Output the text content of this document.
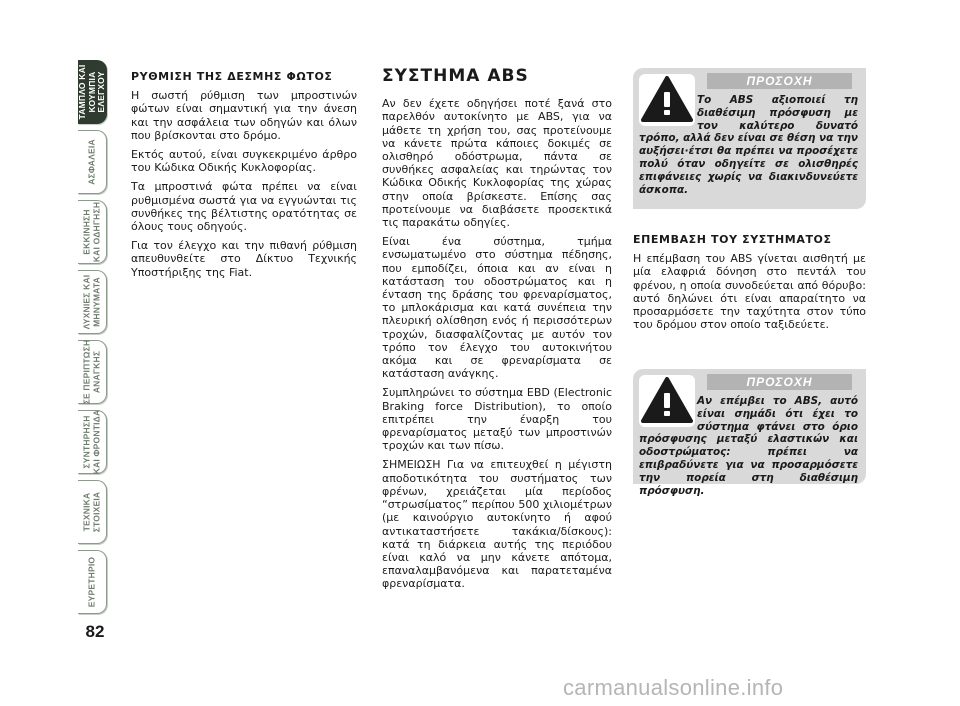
ΤΑΜΠΛΟ ΚΑΙ
ΚΟΥΜΠΙΑ
ΕΛΕΓΧΟΥ
ΑΣΦΑΛΕΙΑ
ΕΚΚΙΝΗΣΗ
ΚΑΙ ΟΔΗΓΗΣΗ
ΛΥΧΝΙΕΣ ΚΑΙ
ΜΗΝΥΜΑΤΑ
ΣΕ ΠΕΡΙΠΤΩΣΗ
ΑΝΑΓΚΗΣ
ΣΥΝΤΗΡΗΣΗ
ΚΑΙ ΦΡΟΝΤΙΔΑ
ΤΕΧΝΙΚΑ
ΣΤΟΙΧΕΙΑ
ΕΥΡΕΤΗΡΙΟ
82
ΡΥΘΜΙΣΗ ΤΗΣ ΔΕΣΜΗΣ ΦΩΤΟΣ

Η σωστή ρύθμιση των μπροστινών φώτων είναι σημαντική για την άνεση και την ασφάλεια των οδηγών και όλων που βρίσκονται στο δρόμο.

Εκτός αυτού, είναι συγκεκριμένο άρθρο του Κώδικα Οδικής Κυκλοφορίας.

Τα μπροστινά φώτα πρέπει να είναι ρυθμισμένα σωστά για να εγγυώνται τις συνθήκες της βέλτιστης ορατότητας σε όλους τους οδηγούς.

Για τον έλεγχο και την πιθανή ρύθμιση απευθυνθείτε στο Δίκτυο Τεχνικής Υποστήριξης της Fiat.

ΣΥΣΤΗΜΑ ABS

Αν δεν έχετε οδηγήσει ποτέ ξανά στο παρελθόν αυτοκίνητο με ABS, για να μάθετε τη χρήση του, σας προτείνουμε να κάνετε πρώτα κάποιες δοκιμές σε ολισθηρό οδόστρωμα, πάντα σε συνθήκες ασφαλείας και τηρώντας τον Κώδικα Οδικής Κυκλοφορίας της χώρας στην οποία βρίσκεστε. Επίσης σας προτείνουμε να διαβάσετε προσεκτικά τις παρακάτω οδηγίες.

Είναι ένα σύστημα, τμήμα ενσωματωμένο στο σύστημα πέδησης, που εμποδίζει, όποια και αν είναι η κατάσταση του οδοστρώματος και η ένταση της δράσης του φρεναρίσματος, το μπλοκάρισμα και κατά συνέπεια την πλευρική ολίσθηση ενός ή περισσότερων τροχών, διασφαλίζοντας με αυτόν τον τρόπο τον έλεγχο του αυτοκινήτου ακόμα και σε φρεναρίσματα σε κατάσταση ανάγκης.

Συμπληρώνει το σύστημα EBD (Electronic Braking force Distribution), το οποίο επιτρέπει την έναρξη του φρεναρίσματος μεταξύ των μπροστινών τροχών και των πίσω.

ΣΗΜΕΙΩΣΗ Για να επιτευχθεί η μέγιστη αποδοτικότητα του συστήματος των φρένων, χρειάζεται μία περίοδος “στρωσίματος” περίπου 500 χιλιομέτρων (με καινούργιο αυτοκίνητο ή αφού αντικαταστήσετε τακάκια/δίσκους): κατά τη διάρκεια αυτής της περιόδου είναι καλό να μην κάνετε απότομα, επαναλαμβανόμενα και παρατεταμένα φρεναρίσματα.

ΠΡΟΣΟΧΗ
Το ABS αξιοποιεί τη διαθέσιμη πρόσφυση με τον καλύτερο δυνατό τρόπο, αλλά δεν είναι σε θέση να την αυξήσει·έτσι θα πρέπει να προσέχετε πολύ όταν οδηγείτε σε ολισθηρές επιφάνειες χωρίς να διακινδυνεύετε άσκοπα.
ΕΠΕΜΒΑΣΗ ΤΟΥ ΣΥΣΤΗΜΑΤΟΣ

Η επέμβαση του ABS γίνεται αισθητή με μία ελαφριά δόνηση στο πεντάλ του φρένου, η οποία συνοδεύεται από θόρυβο: αυτό δηλώνει ότι είναι απαραίτητο να προσαρμόσετε την ταχύτητα στον τύπο του δρόμου στον οποίο ταξιδεύετε.

ΠΡΟΣΟΧΗ
Αν επέμβει το ABS, αυτό είναι σημάδι ότι έχει το σύστημα φτάνει στο όριο πρόσφυσης μεταξύ ελαστικών και οδοστρώματος: πρέπει να επιβραδύνετε για να προσαρμόσετε την πορεία στη διαθέσιμη πρόσφυση.
carmanualsonline.info
